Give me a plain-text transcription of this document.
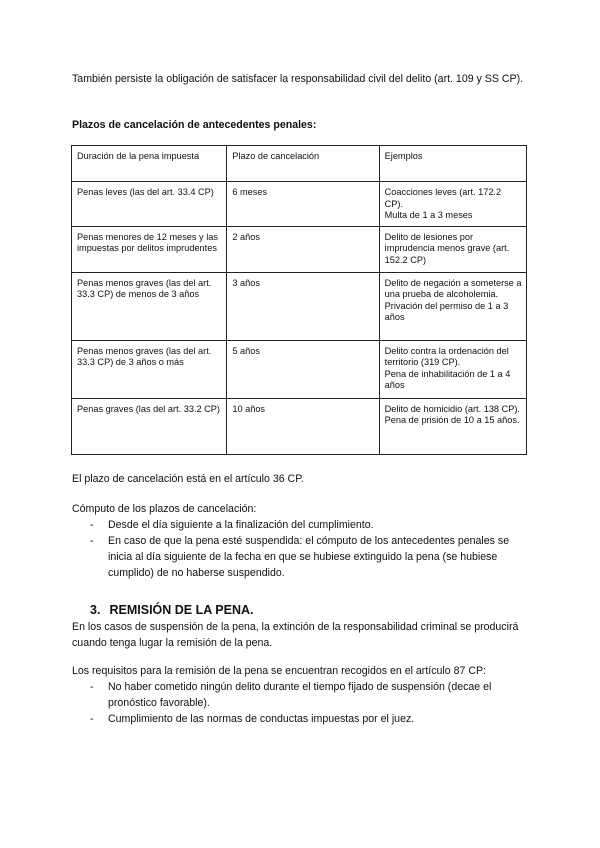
También persiste la obligación de satisfacer la responsabilidad civil del delito (art. 109 y SS CP).

Plazos de cancelación de antecedentes penales:

Duración de la pena impuesta	Plazo de cancelación	Ejemplos
Penas leves (las del art. 33.4 CP)	6 meses	Coacciones leves (art. 172.2 CP).
Multa de 1 a 3 meses

Penas menores de 12 meses y las impuestas por delitos imprudentes	2 años	Delito de lesiones por imprudencia menos grave (art. 152.2 CP)

Penas menos graves (las del art. 33.3 CP) de menos de 3 años	3 años	Delito de negación a someterse a una prueba de alcoholemia.
Privación del permiso de 1 a 3 años

Penas menos graves (las del art. 33.3 CP) de 3 años o más	5 años	Delito contra la ordenación del territorio (319 CP).
Pena de inhabilitación de 1 a 4 años

Penas graves (las del art. 33.2 CP)	10 años	Delito de homicidio (art. 138 CP).
Pena de prisión de 10 a 15 años.

El plazo de cancelación está en el artículo 36 CP.

Cómputo de los plazos de cancelación:

- Desde el día siguiente a la finalización del cumplimiento.
- En caso de que la pena esté suspendida: el cómputo de los antecedentes penales se inicia al día siguiente de la fecha en que se hubiese extinguido la pena (se hubiese cumplido) de no haberse suspendido.
3. REMISIÓN DE LA PENA.

En los casos de suspensión de la pena, la extinción de la responsabilidad criminal se producirá cuando tenga lugar la remisión de la pena.

Los requisitos para la remisión de la pena se encuentran recogidos en el artículo 87 CP:

- No haber cometido ningún delito durante el tiempo fijado de suspensión (decae el pronóstico favorable).
- Cumplimiento de las normas de conductas impuestas por el juez.
